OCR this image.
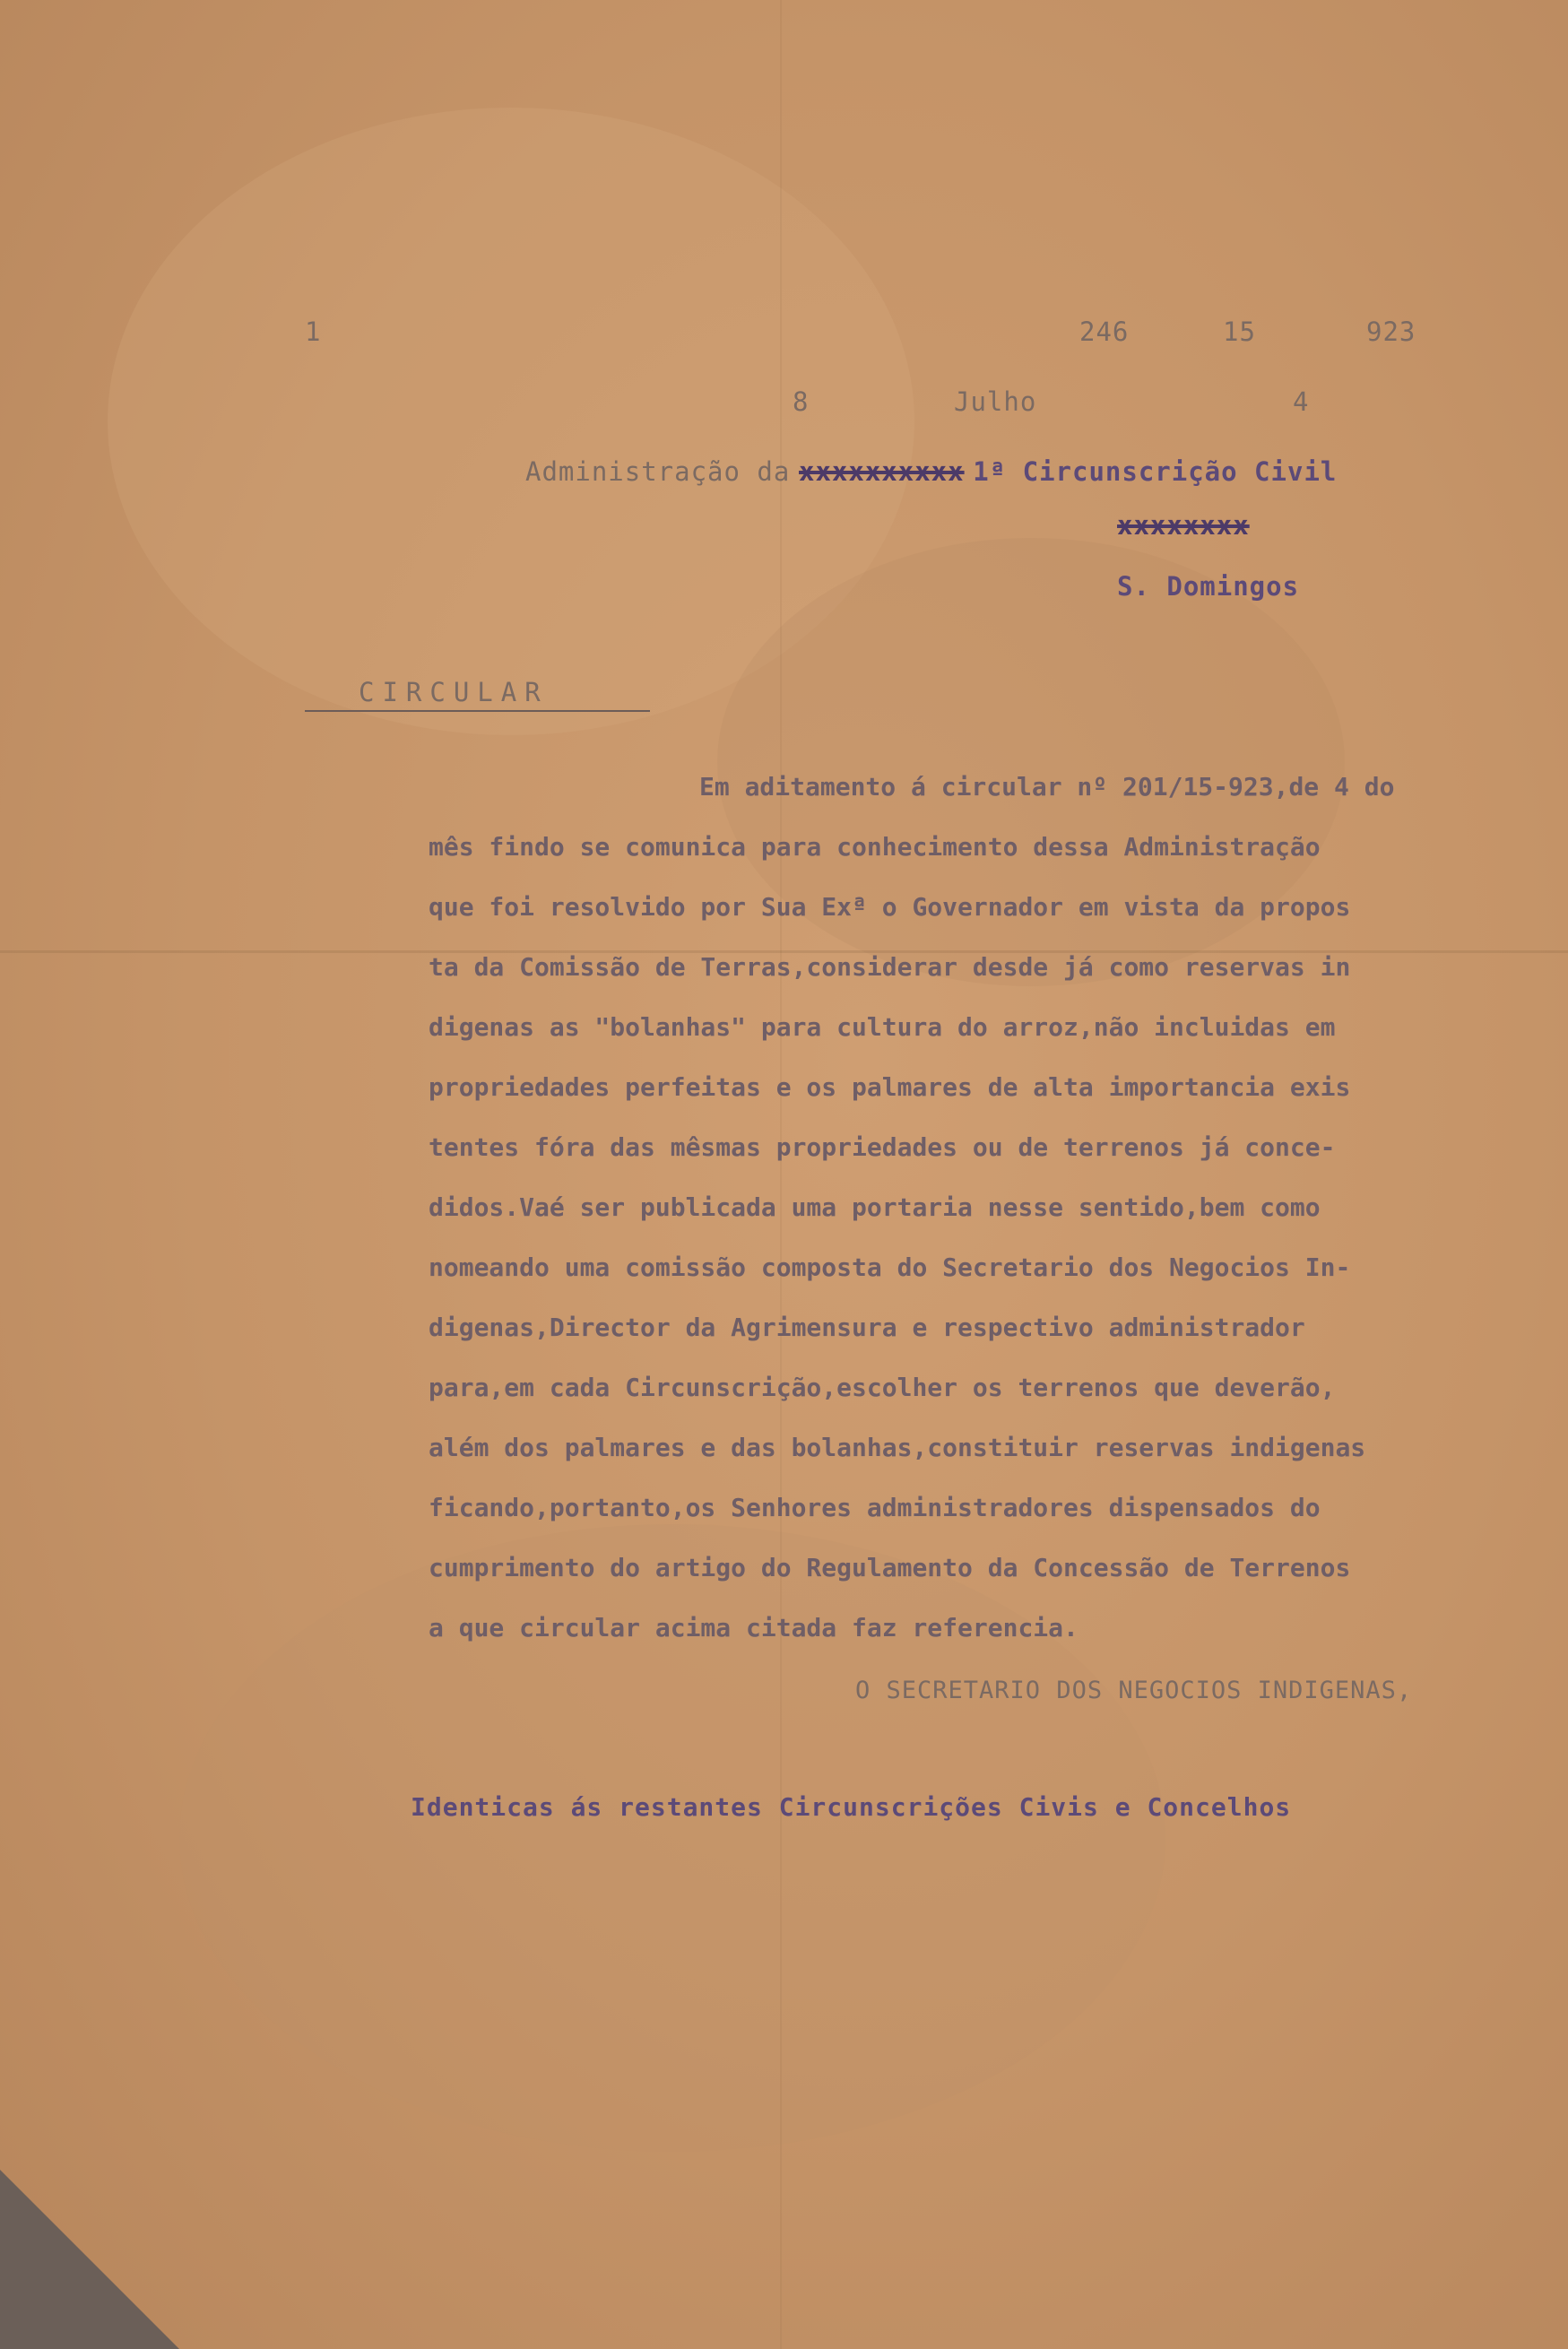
1	246	15	923
8	Julho	4
Administração da xxxxxxxxxx 1ª Circunscrição Civil
xxxxxxxx
S. Domingos
CIRCULAR
Em aditamento á circular nº 201/15-923,de 4 do
mês findo se comunica para conhecimento dessa Administração
que foi resolvido por Sua Exª o Governador em vista da propos
ta da Comissão de Terras,considerar desde já como reservas in
digenas as "bolanhas" para cultura do arroz,não incluidas em
propriedades perfeitas e os palmares de alta importancia exis
tentes fóra das mêsmas propriedades ou de terrenos já conce-
didos.Vaé ser publicada uma portaria nesse sentido,bem como
nomeando uma comissão composta do Secretario dos Negocios In-
digenas,Director da Agrimensura e respectivo administrador
para,em cada Circunscrição,escolher os terrenos que deverão,
além dos palmares e das bolanhas,constituir reservas indigenas
ficando,portanto,os Senhores administradores dispensados do
cumprimento do artigo do Regulamento da Concessão de Terrenos
a que circular acima citada faz referencia.
O SECRETARIO DOS NEGOCIOS INDIGENAS,
Identicas ás restantes Circunscrições Civis e Concelhos
